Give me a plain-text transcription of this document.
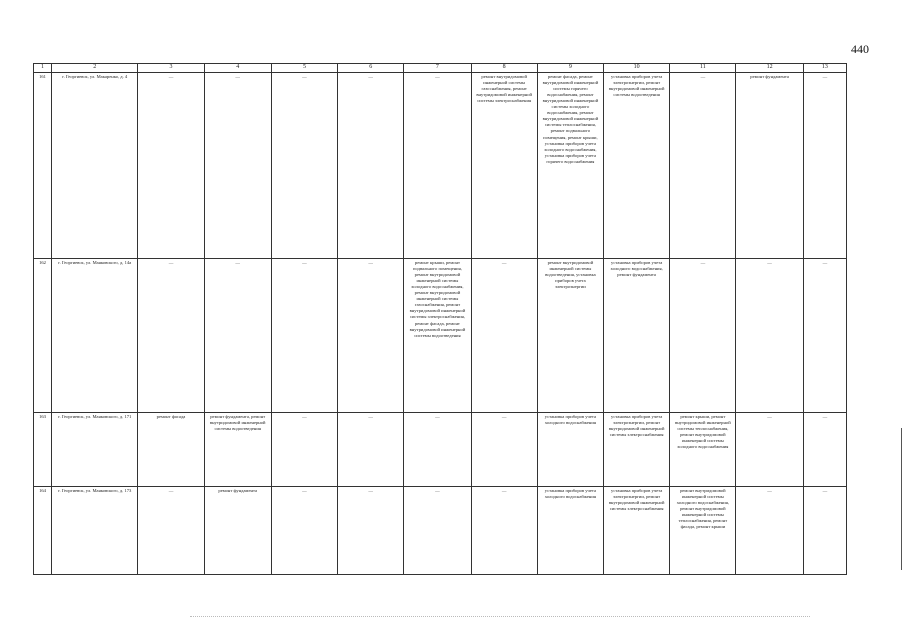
440
1	2	3	4	5	6	7	8	9	10	11	12	13
161	г. Георгиевск, ул. Макаренко, д. 4	—	—	—	—	—	ремонт внутридомовой инженерной системы газоснабжения, ремонт внутридомовой инженерной системы электроснабжения	ремонт фасада, ремонт внутридомовой инженерной системы горячего водоснабжения, ремонт внутридомовой инженерной системы холодного водоснабжения, ремонт внутридомовой инженерной системы теплоснабжения, ремонт подвального помещения, ремонт крыши, установка приборов учета холодного водоснабжения, установка приборов учета горячего водоснабжения	установка приборов учета электроэнергии, ремонт внутридомовой инженерной системы водоотведения	—	ремонт фундамента	—
162	г. Георгиевск, ул. Маяковского, д. 14а	—	—	—	—	ремонт крыши, ремонт подвального помещения, ремонт внутридомовой инженерной системы холодного водоснабжения, ремонт внутридомовой инженерной системы газоснабжения, ремонт внутридомовой инженерной системы электроснабжения, ремонт фасада, ремонт внутридомовой инженерной системы водоотведения	—	ремонт внутридомовой инженерной системы водоотведения, установка приборов учета электроэнергии	установка приборов учета холодного водоснабжения, ремонт фундамента	—	—	—
163	г. Георгиевск, ул. Маяковского, д. 171	ремонт фасада	ремонт фундамента, ремонт внутридомовой инженерной системы водоотведения	—	—	—	—	установка приборов учета холодного водоснабжения	установка приборов учета электроэнергии, ремонт внутридомовой инженерной системы электроснабжения	ремонт крыши, ремонт внутридомовой инженерной системы теплоснабжения, ремонт внутридомовой инженерной системы холодного водоснабжения	—	—
164	г. Георгиевск, ул. Маяковского, д. 173	—	ремонт фундамента	—	—	—	—	установка приборов учета холодного водоснабжения	установка приборов учета электроэнергии, ремонт внутридомовой инженерной системы электроснабжения	ремонт внутридомовой инженерной системы холодного водоснабжения, ремонт внутридомовой инженерной системы теплоснабжения, ремонт фасада, ремонт крыши	—	—
